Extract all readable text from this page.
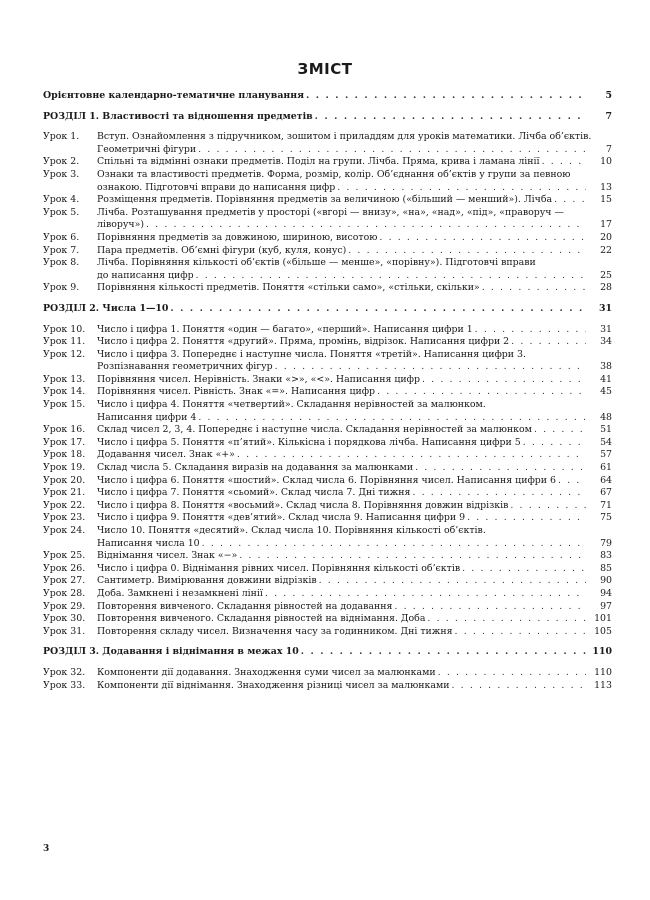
ЗМІСТ
Орієнтовне календарно-тематичне планування . . .	5
РОЗДІЛ 1. Властивості та відношення предметів . . .	7
Урок 1.	Вступ. Ознайомлення з підручником, зошитом і приладдям для уроків математики. Лічба об’єктів.
Геометричні фігури . . .	7
Урок 2.	Спільні та відмінні ознаки предметів. Поділ на групи. Лічба. Пряма, крива і ламана лінії . . .	10
Урок 3.	Ознаки та властивості предметів. Форма, розмір, колір. Об’єднання об’єктів у групи за певною
ознакою. Підготовчі вправи до написання цифр . . .	13
Урок 4.	Розміщення предметів. Порівняння предметів за величиною («більший — менший»). Лічба . . .	15
Урок 5.	Лічба. Розташування предметів у просторі («вгорі — внизу», «на», «над», «під», «праворуч —
ліворуч») . . .	17
Урок 6.	Порівняння предметів за довжиною, шириною, висотою . . .	20
Урок 7.	Пара предметів. Об’ємні фігури (куб, куля, конус) . . .	22
Урок 8.	Лічба. Порівняння кількості об’єктів («більше — менше», «порівну»). Підготовчі вправи
до написання цифр . . .	25
Урок 9.	Порівняння кількості предметів. Поняття «стільки само», «стільки, скільки» . . .	28
РОЗДІЛ 2. Числа 1—10 . . .	31
Урок 10.	Число і цифра 1. Поняття «один — багато», «перший». Написання цифри 1 . . .	31
Урок 11.	Число і цифра 2. Поняття «другий». Пряма, промінь, відрізок. Написання цифри 2 . . .	34
Урок 12.	Число і цифра 3. Попереднє і наступне числа. Поняття «третій». Написання цифри 3.
Розпізнавання геометричних фігур . . .	38
Урок 13.	Порівняння чисел. Нерівність. Знаки «>», «<». Написання цифр . . .	41
Урок 14.	Порівняння чисел. Рівність. Знак «=». Написання цифр . . .	45
Урок 15.	Число і цифра 4. Поняття «четвертий». Складання нерівностей за малюнком.
Написання цифри 4 . . .	48
Урок 16.	Склад чисел 2, 3, 4. Попереднє і наступне числа. Складання нерівностей за малюнком . . .	51
Урок 17.	Число і цифра 5. Поняття «п’ятий». Кількісна і порядкова лічба. Написання цифри 5 . . .	54
Урок 18.	Додавання чисел. Знак «+» . . .	57
Урок 19.	Склад числа 5. Складання виразів на додавання за малюнками . . .	61
Урок 20.	Число і цифра 6. Поняття «шостий». Склад числа 6. Порівняння чисел. Написання цифри 6 . . .	64
Урок 21.	Число і цифра 7. Поняття «сьомий». Склад числа 7. Дні тижня . . .	67
Урок 22.	Число і цифра 8. Поняття «восьмий». Склад числа 8. Порівняння довжин відрізків . . .	71
Урок 23.	Число і цифра 9. Поняття «дев’ятий». Склад числа 9. Написання цифри 9 . . .	75
Урок 24.	Число 10. Поняття «десятий». Склад числа 10. Порівняння кількості об’єктів.
Написання числа 10 . . .	79
Урок 25.	Віднімання чисел. Знак «−» . . .	83
Урок 26.	Число і цифра 0. Віднімання рівних чисел. Порівняння кількості об’єктів . . .	85
Урок 27.	Сантиметр. Вимірювання довжини відрізків . . .	90
Урок 28.	Доба. Замкнені і незамкнені лінії . . .	94
Урок 29.	Повторення вивченого. Складання рівностей на додавання . . .	97
Урок 30.	Повторення вивченого. Складання рівностей на віднімання. Доба . . .	101
Урок 31.	Повторення складу чисел. Визначення часу за годинником. Дні тижня . . .	105
РОЗДІЛ 3. Додавання і віднімання в межах 10 . . .	110
Урок 32.	Компоненти дії додавання. Знаходження суми чисел за малюнками . . .	110
Урок 33.	Компоненти дії віднімання. Знаходження різниці чисел за малюнками . . .	113
3
